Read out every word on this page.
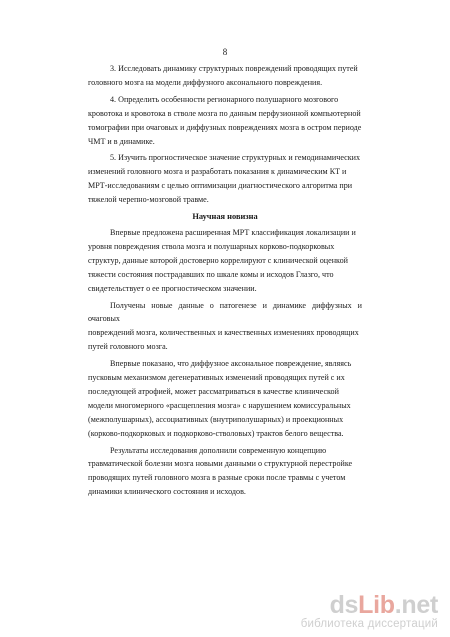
8

3. Исследовать динамику структурных повреждений проводящих путей
головного мозга на модели диффузного аксонального повреждения.

4. Определить особенности регионарного полушарного мозгового
кровотока и кровотока в стволе мозга по данным перфузионной компьютерной
томографии при очаговых и диффузных повреждениях мозга в остром периоде
ЧМТ и в динамике.

5. Изучить прогностическое значение структурных и гемодинамических
изменений головного мозга и разработать показания к динамическим КТ и
МРТ-исследованиям с целью оптимизации диагностического алгоритма при
тяжелой черепно-мозговой травме.

Научная новизна

Впервые предложена расширенная МРТ классификация локализации и
уровня повреждения ствола мозга и полушарных корково-подкорковых
структур, данные которой достоверно коррелируют с клинической оценкой
тяжести состояния пострадавших по шкале комы и исходов Глазго, что
свидетельствует о ее прогностическом значении.

Получены новые данные о патогенезе и динамике диффузных и очаговых
повреждений мозга, количественных и качественных изменениях проводящих
путей головного мозга.

Впервые показано, что диффузное аксональное повреждение, являясь
пусковым механизмом дегенеративных изменений проводящих путей с их
последующей атрофией, может рассматриваться в качестве клинической
модели многомерного «расщепления мозга» с нарушением комиссуральных
(межполушарных), ассоциативных (внутриполушарных) и проекционных
(корково-подкорковых и подкорково-стволовых) трактов белого вещества.

Результаты исследования дополнили современную концепцию
травматической болезни мозга новыми данными о структурной перестройке
проводящих путей головного мозга в разные сроки после травмы с учетом
динамики клинического состояния и исходов.

dsLib.net
библиотека диссертаций
